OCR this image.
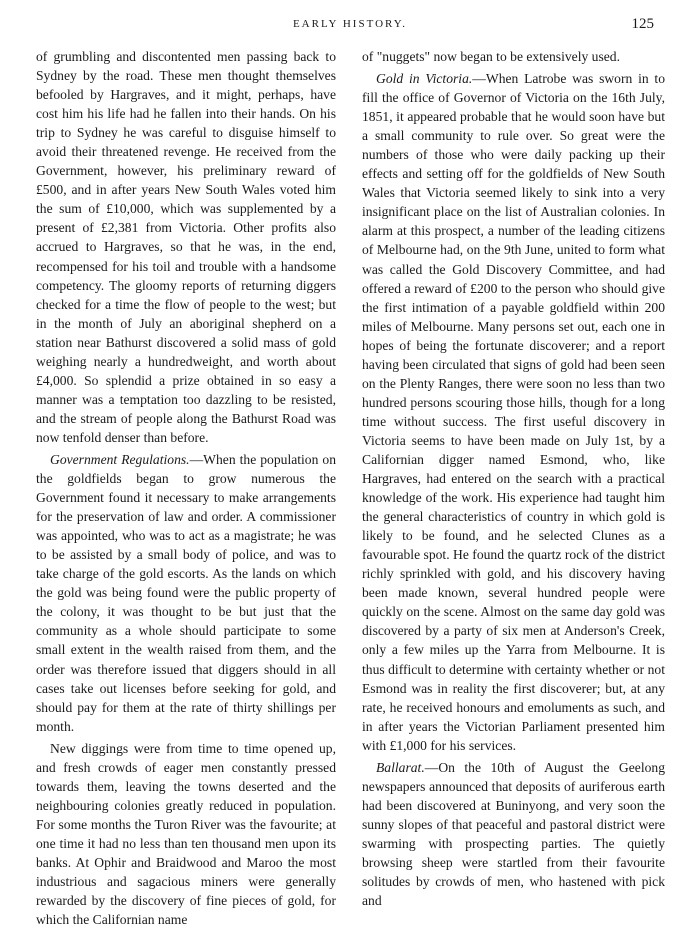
EARLY HISTORY.	125

of grumbling and discontented men passing back to Sydney by the road. These men thought themselves befooled by Hargraves, and it might, perhaps, have cost him his life had he fallen into their hands. On his trip to Sydney he was careful to disguise himself to avoid their threatened revenge. He received from the Government, however, his preliminary reward of £500, and in after years New South Wales voted him the sum of £10,000, which was supplemented by a present of £2,381 from Victoria. Other profits also accrued to Hargraves, so that he was, in the end, recompensed for his toil and trouble with a handsome competency. The gloomy reports of returning diggers checked for a time the flow of people to the west; but in the month of July an aboriginal shepherd on a station near Bathurst discovered a solid mass of gold weighing nearly a hundredweight, and worth about £4,000. So splendid a prize obtained in so easy a manner was a temptation too dazzling to be resisted, and the stream of people along the Bathurst Road was now tenfold denser than before.

Government Regulations.—When the population on the goldfields began to grow numerous the Government found it necessary to make arrangements for the preservation of law and order. A commissioner was appointed, who was to act as a magistrate; he was to be assisted by a small body of police, and was to take charge of the gold escorts. As the lands on which the gold was being found were the public property of the colony, it was thought to be but just that the community as a whole should participate to some small extent in the wealth raised from them, and the order was therefore issued that diggers should in all cases take out licenses before seeking for gold, and should pay for them at the rate of thirty shillings per month.

New diggings were from time to time opened up, and fresh crowds of eager men constantly pressed towards them, leaving the towns deserted and the neighbouring colonies greatly reduced in population. For some months the Turon River was the favourite; at one time it had no less than ten thousand men upon its banks. At Ophir and Braidwood and Maroo the most industrious and sagacious miners were generally rewarded by the discovery of fine pieces of gold, for which the Californian name

of "nuggets" now began to be extensively used.

Gold in Victoria.—When Latrobe was sworn in to fill the office of Governor of Victoria on the 16th July, 1851, it appeared probable that he would soon have but a small community to rule over. So great were the numbers of those who were daily packing up their effects and setting off for the goldfields of New South Wales that Victoria seemed likely to sink into a very insignificant place on the list of Australian colonies. In alarm at this prospect, a number of the leading citizens of Melbourne had, on the 9th June, united to form what was called the Gold Discovery Committee, and had offered a reward of £200 to the person who should give the first intimation of a payable goldfield within 200 miles of Melbourne. Many persons set out, each one in hopes of being the fortunate discoverer; and a report having been circulated that signs of gold had been seen on the Plenty Ranges, there were soon no less than two hundred persons scouring those hills, though for a long time without success. The first useful discovery in Victoria seems to have been made on July 1st, by a Californian digger named Esmond, who, like Hargraves, had entered on the search with a practical knowledge of the work. His experience had taught him the general characteristics of country in which gold is likely to be found, and he selected Clunes as a favourable spot. He found the quartz rock of the district richly sprinkled with gold, and his discovery having been made known, several hundred people were quickly on the scene. Almost on the same day gold was discovered by a party of six men at Anderson's Creek, only a few miles up the Yarra from Melbourne. It is thus difficult to determine with certainty whether or not Esmond was in reality the first discoverer; but, at any rate, he received honours and emoluments as such, and in after years the Victorian Parliament presented him with £1,000 for his services.

Ballarat.—On the 10th of August the Geelong newspapers announced that deposits of auriferous earth had been discovered at Buninyong, and very soon the sunny slopes of that peaceful and pastoral district were swarming with prospecting parties. The quietly browsing sheep were startled from their favourite solitudes by crowds of men, who hastened with pick and
